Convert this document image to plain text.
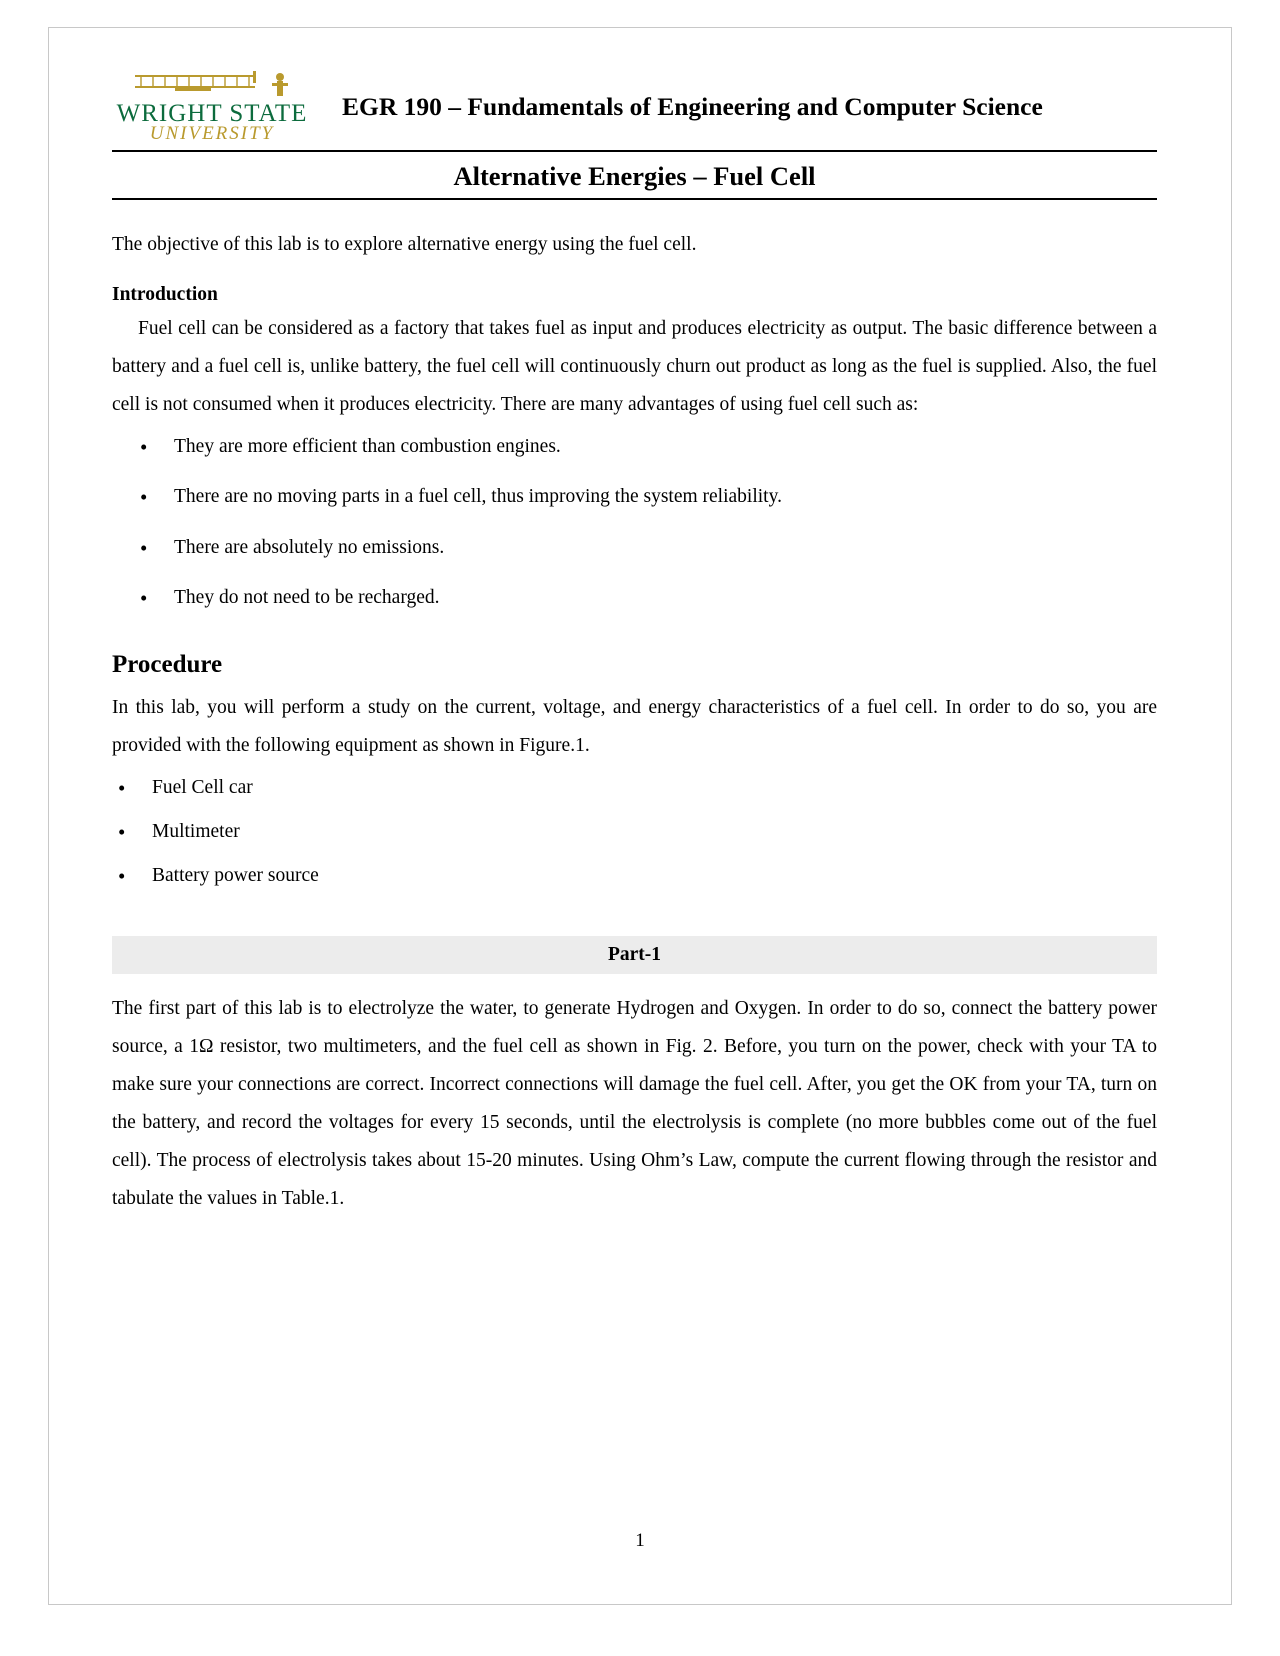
WRIGHT STATE
UNIVERSITY
EGR 190 – Fundamentals of Engineering and Computer Science
Alternative Energies – Fuel Cell

The objective of this lab is to explore alternative energy using the fuel cell.

Introduction

Fuel cell can be considered as a factory that takes fuel as input and produces electricity as output. The basic difference between a battery and a fuel cell is, unlike battery, the fuel cell will continuously churn out product as long as the fuel is supplied. Also, the fuel cell is not consumed when it produces electricity. There are many advantages of using fuel cell such as:

• They are more efficient than combustion engines.
• There are no moving parts in a fuel cell, thus improving the system reliability.
• There are absolutely no emissions.
• They do not need to be recharged.
Procedure

In this lab, you will perform a study on the current, voltage, and energy characteristics of a fuel cell. In order to do so, you are provided with the following equipment as shown in Figure.1.

• Fuel Cell car
• Multimeter
• Battery power source
Part-1

The first part of this lab is to electrolyze the water, to generate Hydrogen and Oxygen. In order to do so, connect the battery power source, a 1Ω resistor, two multimeters, and the fuel cell as shown in Fig. 2. Before, you turn on the power, check with your TA to make sure your connections are correct. Incorrect connections will damage the fuel cell. After, you get the OK from your TA, turn on the battery, and record the voltages for every 15 seconds, until the electrolysis is complete (no more bubbles come out of the fuel cell). The process of electrolysis takes about 15-20 minutes. Using Ohm’s Law, compute the current flowing through the resistor and tabulate the values in Table.1.

1
